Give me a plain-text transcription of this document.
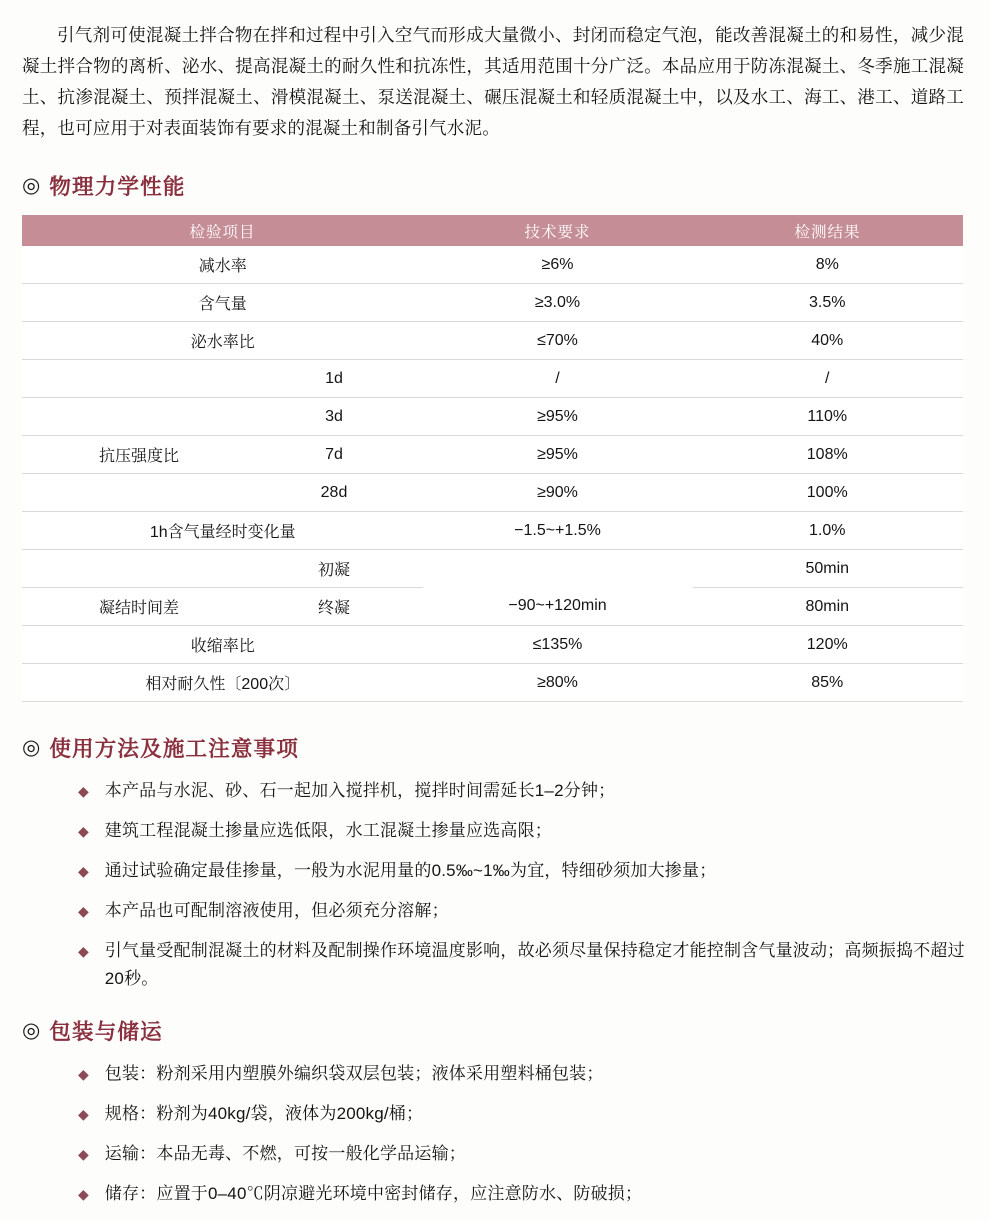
引气剂可使混凝土拌合物在拌和过程中引入空气而形成大量微小、封闭而稳定气泡，能改善混凝土的和易性，减少混凝土拌合物的离析、泌水、提高混凝土的耐久性和抗冻性，其适用范围十分广泛。本品应用于防冻混凝土、冬季施工混凝土、抗渗混凝土、预拌混凝土、滑模混凝土、泵送混凝土、碾压混凝土和轻质混凝土中，以及水工、海工、港工、道路工程，也可应用于对表面装饰有要求的混凝土和制备引气水泥。

◎ 物理力学性能
检验项目	技术要求	检测结果
减水率	≥6%	8%
含气量	≥3.0%	3.5%
泌水率比	≤70%	40%

1d	/	/

3d	≥95%	110%

抗压强度比 7d	≥95%	108%

28d	≥90%	100%
1h含气量经时变化量	−1.5~+1.5%	1.0%

初凝		50min

凝结时间差 终凝	−90~+120min	80min
收缩率比	≤135%	120%
相对耐久性〔200次〕	≥80%	85%
◎ 使用方法及施工注意事项
◆ 本产品与水泥、砂、石一起加入搅拌机，搅拌时间需延长1–2分钟；
◆ 建筑工程混凝土掺量应选低限，水工混凝土掺量应选高限；
◆ 通过试验确定最佳掺量，一般为水泥用量的0.5‰~1‰为宜，特细砂须加大掺量；
◆ 本产品也可配制溶液使用，但必须充分溶解；
◆ 引气量受配制混凝土的材料及配制操作环境温度影响，故必须尽量保持稳定才能控制含气量波动；高频振捣不超过20秒。
◎ 包装与储运
◆ 包装：粉剂采用内塑膜外编织袋双层包装；液体采用塑料桶包装；
◆ 规格：粉剂为40kg/袋，液体为200kg/桶；
◆ 运输：本品无毒、不燃，可按一般化学品运输；
◆ 储存：应置于0–40℃阴凉避光环境中密封储存，应注意防水、防破损；
